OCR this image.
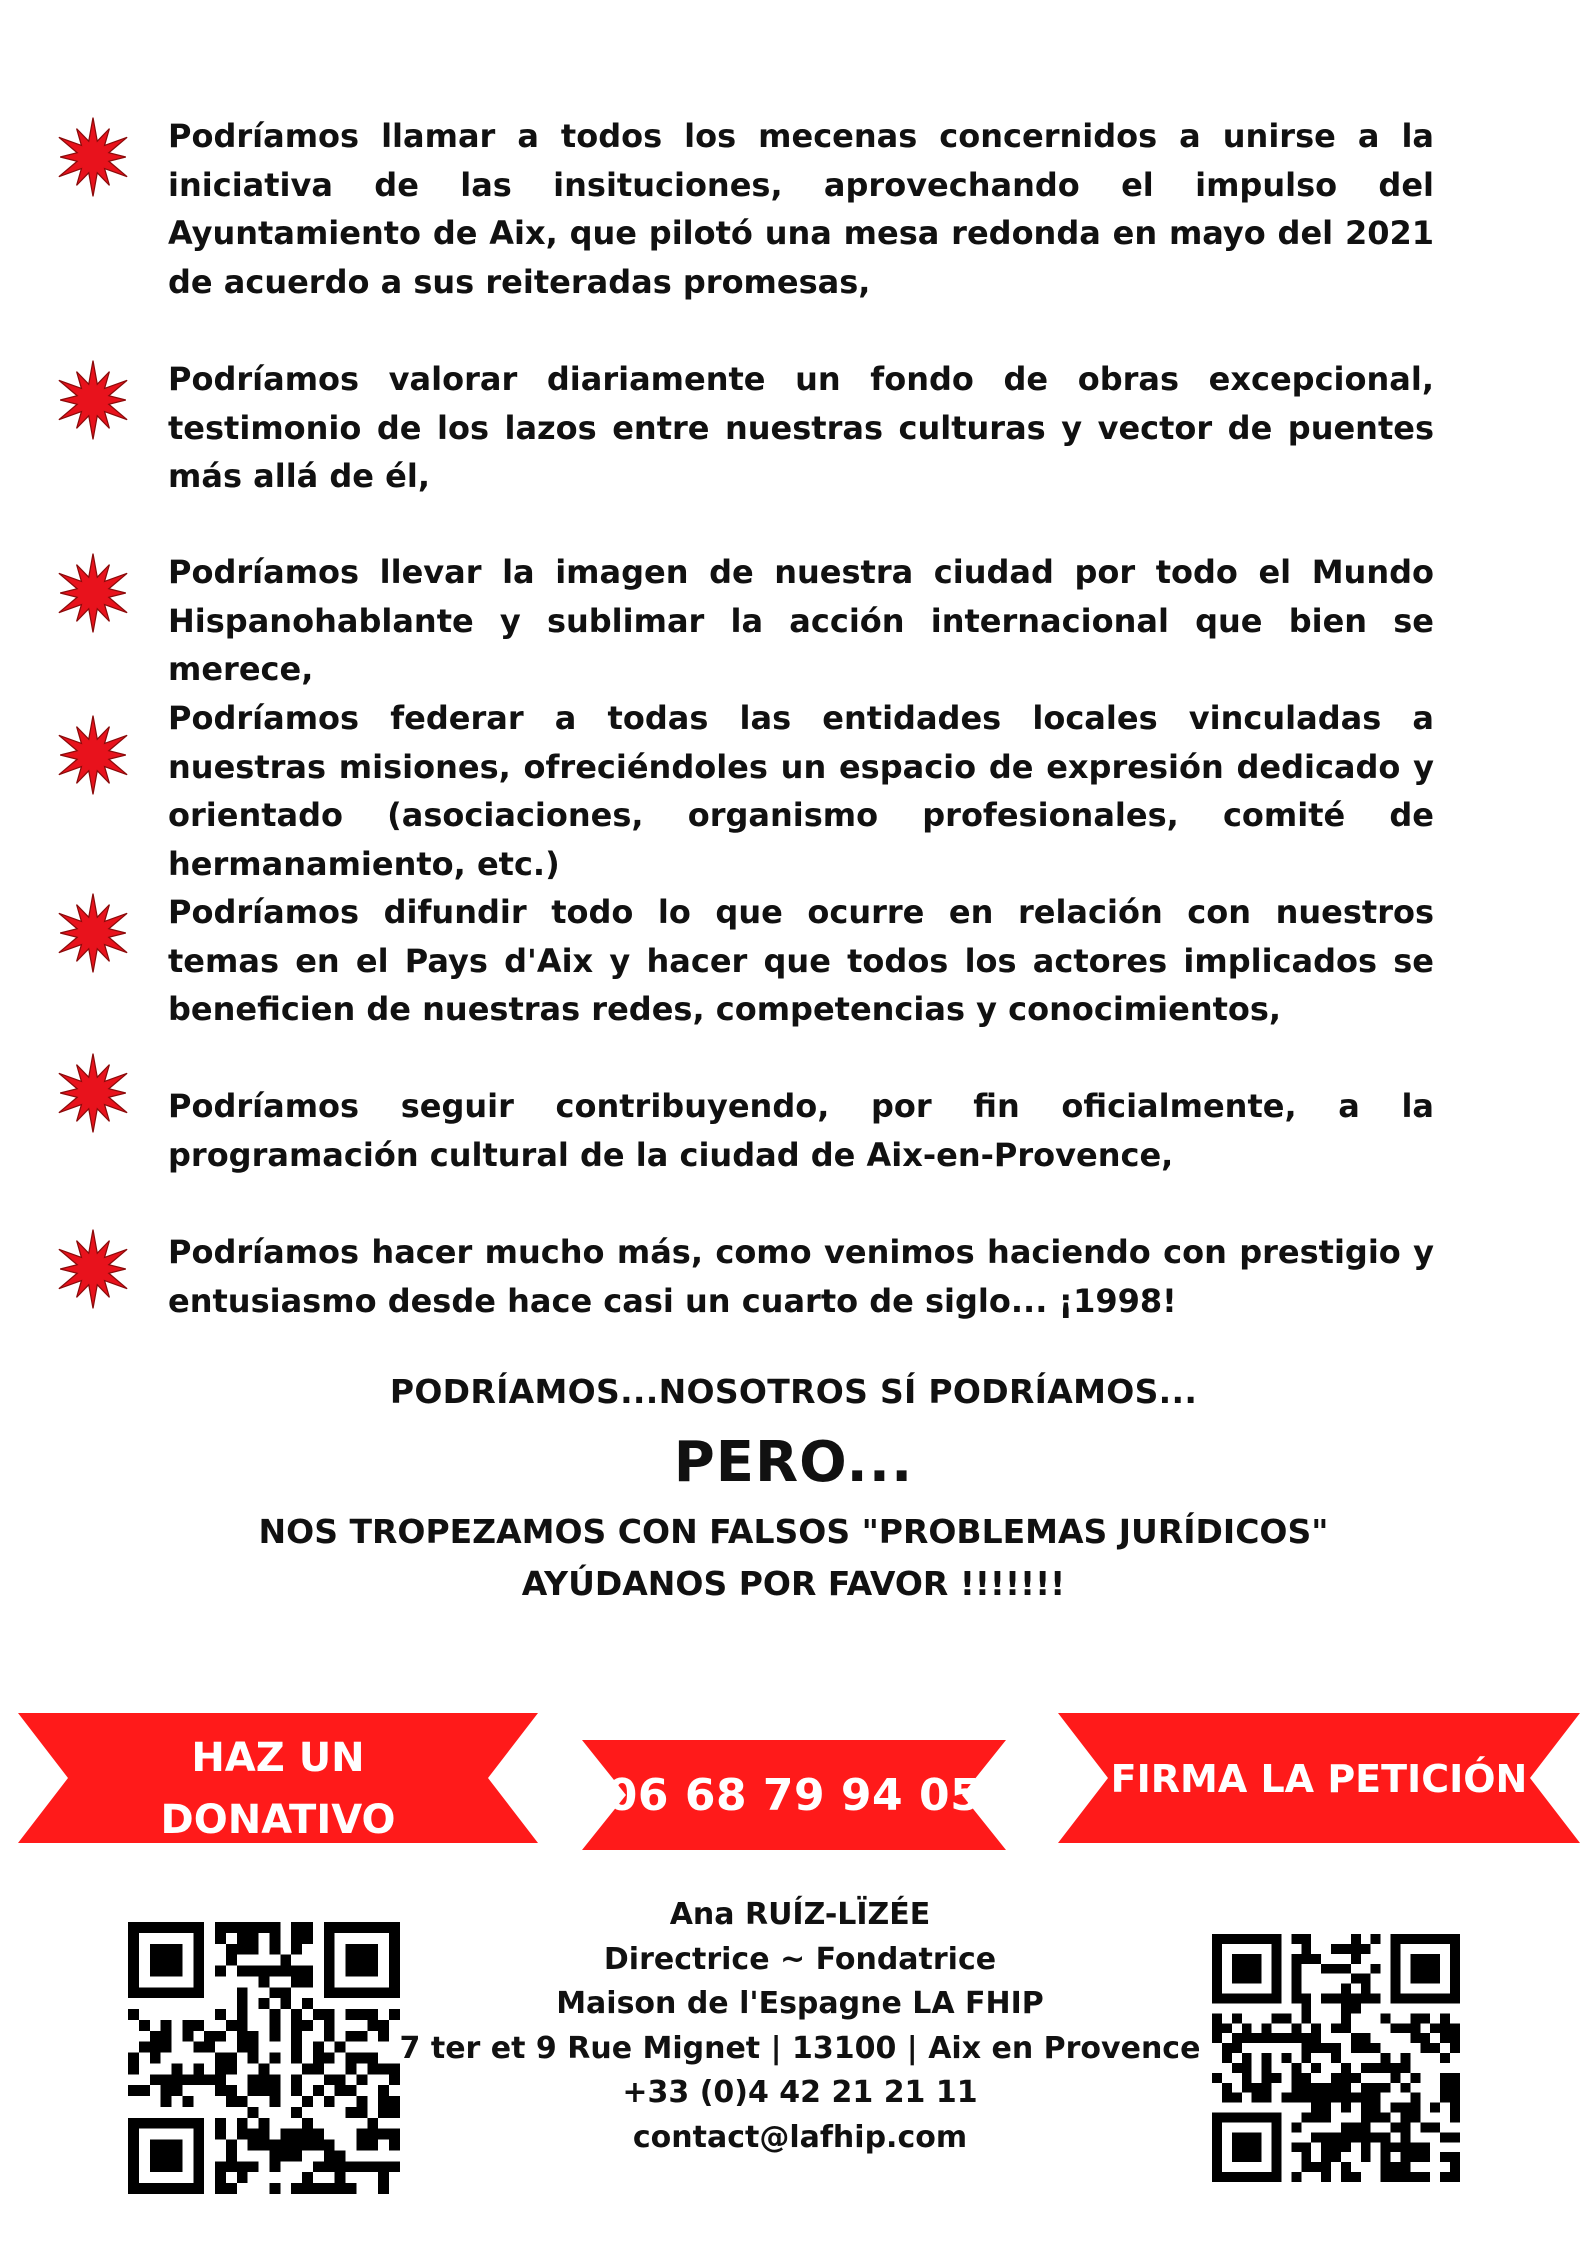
Podríamos llamar a todos los mecenas concernidos a unirse a la iniciativa de las insituciones, aprovechando el impulso del Ayuntamiento de Aix, que pilotó una mesa redonda en mayo del 2021 de acuerdo a sus reiteradas promesas,

Podríamos valorar diariamente un fondo de obras excepcional, testimonio de los lazos entre nuestras culturas y vector de puentes más allá de él,

Podríamos llevar la imagen de nuestra ciudad por todo el Mundo Hispanohablante y sublimar la acción internacional que bien se merece,

Podríamos federar a todas las entidades locales vinculadas a nuestras misiones, ofreciéndoles un espacio de expresión dedicado y orientado (asociaciones, organismo profesionales, comité de hermanamiento, etc.)

Podríamos difundir todo lo que ocurre en relación con nuestros temas en el Pays d'Aix y hacer que todos los actores implicados se beneficien de nuestras redes, competencias y conocimientos,

Podríamos seguir contribuyendo, por fin oficialmente, a la programación cultural de la ciudad de Aix-en-Provence,

Podríamos hacer mucho más, como venimos haciendo con prestigio y entusiasmo desde hace casi un cuarto de siglo... ¡1998!

PODRÍAMOS...NOSOTROS SÍ PODRÍAMOS...
PERO...
NOS TROPEZAMOS CON FALSOS "PROBLEMAS JURÍDICOS"
AYÚDANOS POR FAVOR !!!!!!!
HAZ UN
DONATIVO	06 68 79 94 05	FIRMA LA PETICIÓN
Ana RUÍZ-LÏZÉE
Directrice ~ Fondatrice
Maison de l'Espagne LA FHIP
7 ter et 9 Rue Mignet | 13100 | Aix en Provence
+33 (0)4 42 21 21 11
contact@lafhip.com
